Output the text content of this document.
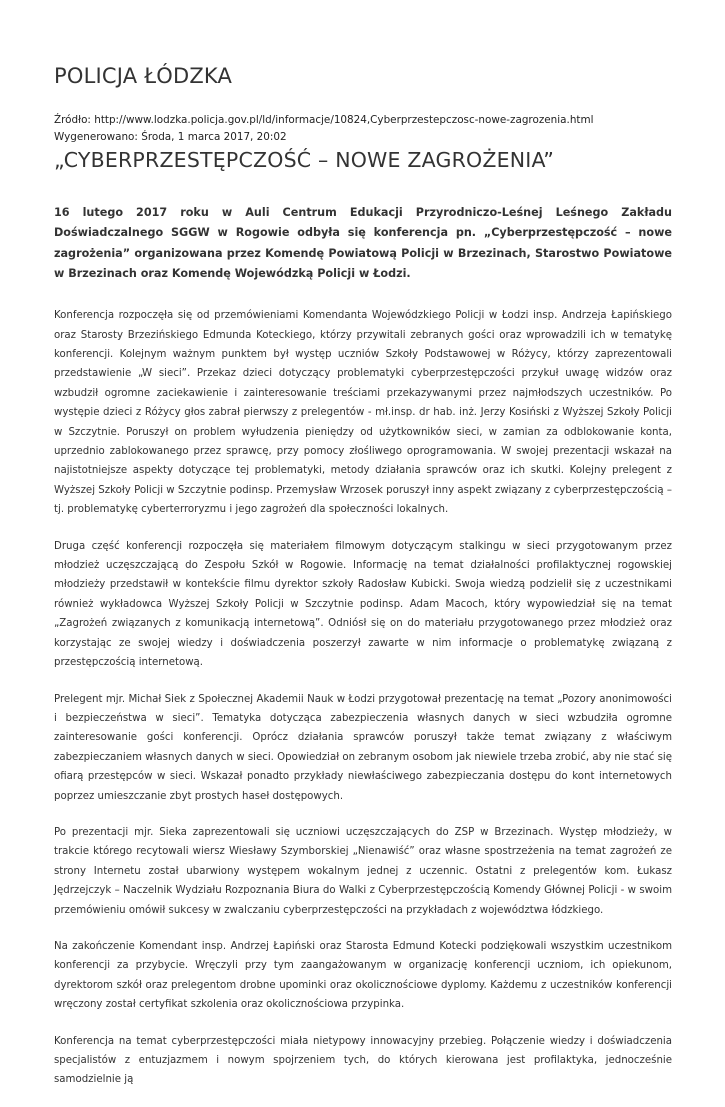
POLICJA ŁÓDZKA
Źródło: http://www.lodzka.policja.gov.pl/ld/informacje/10824,Cyberprzestepczosc-nowe-zagrozenia.html
Wygenerowano: Środa, 1 marca 2017, 20:02
„CYBERPRZESTĘPCZOŚĆ – NOWE ZAGROŻENIA”

16 lutego 2017 roku w Auli Centrum Edukacji Przyrodniczo-Leśnej Leśnego Zakładu Doświadczalnego SGGW w Rogowie odbyła się konferencja pn. „Cyberprzestępczość – nowe zagrożenia” organizowana przez Komendę Powiatową Policji w Brzezinach, Starostwo Powiatowe w Brzezinach oraz Komendę Wojewódzką Policji w Łodzi.

Konferencja rozpoczęła się od przemówieniami Komendanta Wojewódzkiego Policji w Łodzi insp. Andrzeja Łapińskiego oraz Starosty Brzezińskiego Edmunda Koteckiego, którzy przywitali zebranych gości oraz wprowadzili ich w tematykę konferencji. Kolejnym ważnym punktem był występ uczniów Szkoły Podstawowej w Różycy, którzy zaprezentowali przedstawienie „W sieci”. Przekaz dzieci dotyczący problematyki cyberprzestępczości przykuł uwagę widzów oraz wzbudził ogromne zaciekawienie i zainteresowanie treściami przekazywanymi przez najmłodszych uczestników. Po występie dzieci z Różycy głos zabrał pierwszy z prelegentów - mł.insp. dr hab. inż. Jerzy Kosiński z Wyższej Szkoły Policji w Szczytnie. Poruszył on problem wyłudzenia pieniędzy od użytkowników sieci, w zamian za odblokowanie konta, uprzednio zablokowanego przez sprawcę, przy pomocy złośliwego oprogramowania. W swojej prezentacji wskazał na najistotniejsze aspekty dotyczące tej problematyki, metody działania sprawców oraz ich skutki. Kolejny prelegent z Wyższej Szkoły Policji w Szczytnie podinsp. Przemysław Wrzosek poruszył inny aspekt związany z cyberprzestępczością – tj. problematykę cyberterroryzmu i jego zagrożeń dla społeczności lokalnych.

Druga część konferencji rozpoczęła się materiałem filmowym dotyczącym stalkingu w sieci przygotowanym przez młodzież uczęszczającą do Zespołu Szkół w Rogowie. Informację na temat działalności profilaktycznej rogowskiej młodzieży przedstawił w kontekście filmu dyrektor szkoły Radosław Kubicki. Swoja wiedzą podzielił się z uczestnikami również wykładowca Wyższej Szkoły Policji w Szczytnie podinsp. Adam Macoch, który wypowiedział się na temat „Zagrożeń związanych z komunikacją internetową”. Odniósł się on do materiału przygotowanego przez młodzież oraz korzystając ze swojej wiedzy i doświadczenia poszerzył zawarte w nim informacje o problematykę związaną z przestępczością internetową.

Prelegent mjr. Michał Siek z Społecznej Akademii Nauk w Łodzi przygotował prezentację na temat „Pozory anonimowości i bezpieczeństwa w sieci”. Tematyka dotycząca zabezpieczenia własnych danych w sieci wzbudziła ogromne zainteresowanie gości konferencji. Oprócz działania sprawców poruszył także temat związany z właściwym zabezpieczaniem własnych danych w sieci. Opowiedział on zebranym osobom jak niewiele trzeba zrobić, aby nie stać się ofiarą przestępców w sieci. Wskazał ponadto przykłady niewłaściwego zabezpieczania dostępu do kont internetowych poprzez umieszczanie zbyt prostych haseł dostępowych.

Po prezentacji mjr. Sieka zaprezentowali się uczniowi uczęszczających do ZSP w Brzezinach. Występ młodzieży, w trakcie którego recytowali wiersz Wiesławy Szymborskiej „Nienawiść” oraz własne spostrzeżenia na temat zagrożeń ze strony Internetu został ubarwiony występem wokalnym jednej z uczennic. Ostatni z prelegentów kom. Łukasz Jędrzejczyk – Naczelnik Wydziału Rozpoznania Biura do Walki z Cyberprzestępczością Komendy Głównej Policji - w swoim przemówieniu omówił sukcesy w zwalczaniu cyberprzestępczości na przykładach z województwa łódzkiego.

Na zakończenie Komendant insp. Andrzej Łapiński oraz Starosta Edmund Kotecki podziękowali wszystkim uczestnikom konferencji za przybycie. Wręczyli przy tym zaangażowanym w organizację konferencji uczniom, ich opiekunom, dyrektorom szkół oraz prelegentom drobne upominki oraz okolicznościowe dyplomy. Każdemu z uczestników konferencji wręczony został certyfikat szkolenia oraz okolicznościowa przypinka.

Konferencja na temat cyberprzestępczości miała nietypowy innowacyjny przebieg. Połączenie wiedzy i doświadczenia specjalistów z entuzjazmem i nowym spojrzeniem tych, do których kierowana jest profilaktyka, jednocześnie samodzielnie ją
